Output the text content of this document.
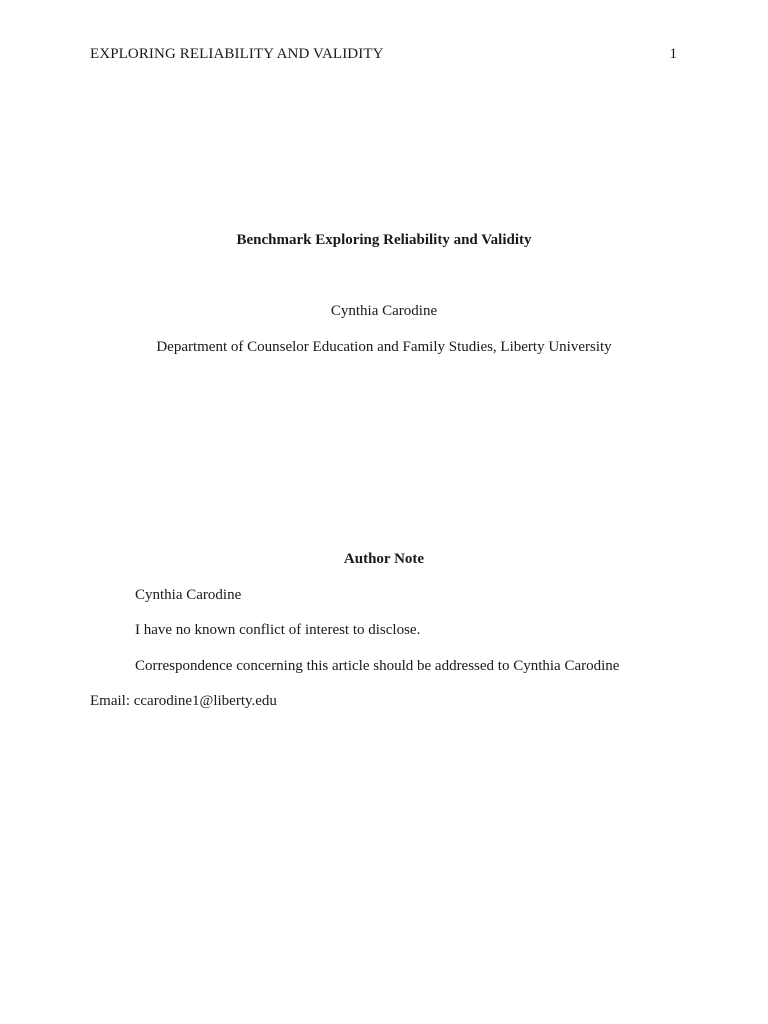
EXPLORING RELIABILITY AND VALIDITY	1
Benchmark Exploring Reliability and Validity
Cynthia Carodine
Department of Counselor Education and Family Studies, Liberty University
Author Note
Cynthia Carodine
I have no known conflict of interest to disclose.
Correspondence concerning this article should be addressed to Cynthia Carodine
Email: ccarodine1@liberty.edu
